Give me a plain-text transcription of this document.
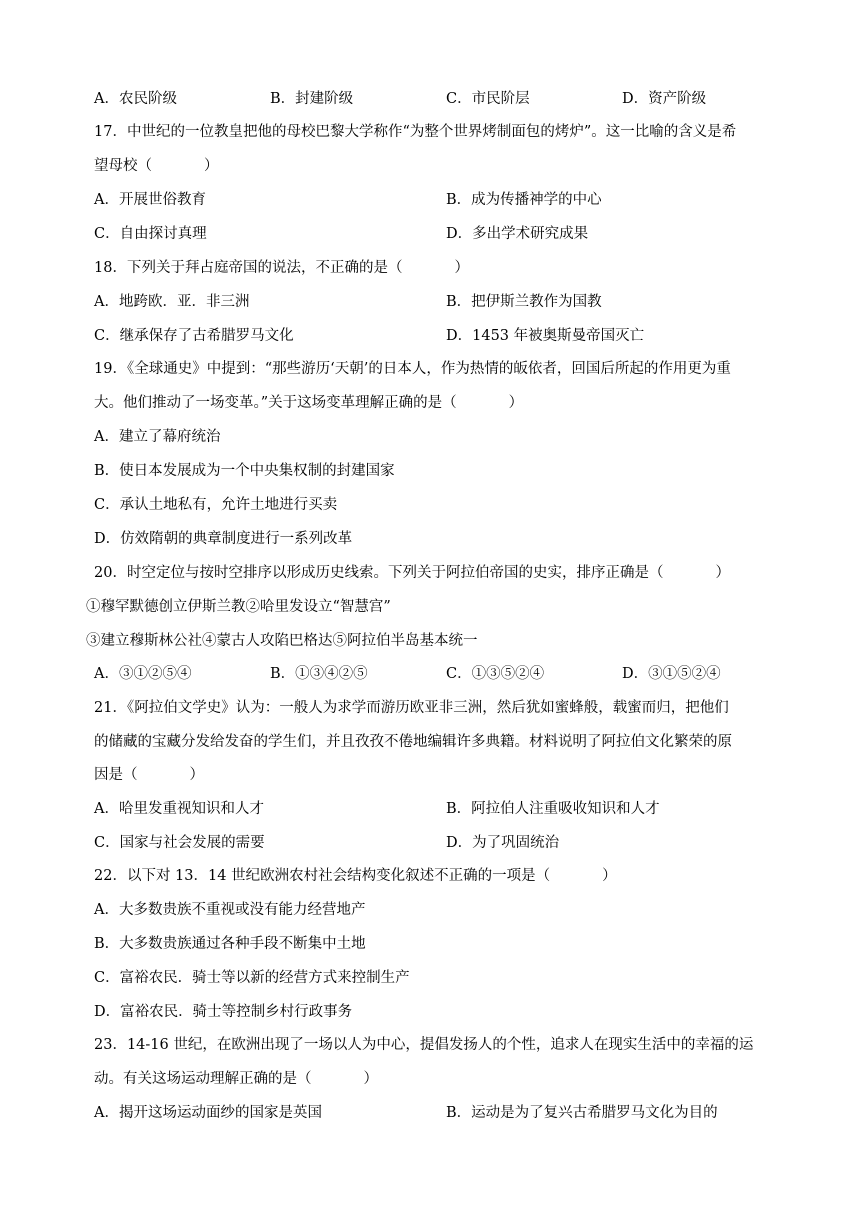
A．农民阶级	B．封建阶级	C．市民阶层	D．资产阶级
17．中世纪的一位教皇把他的母校巴黎大学称作“为整个世界烤制面包的烤炉”。这一比喻的含义是希
望母校（	）
A．开展世俗教育	B．成为传播神学的中心
C．自由探讨真理	D．多出学术研究成果
18．下列关于拜占庭帝国的说法，不正确的是（	）
A．地跨欧．亚．非三洲	B．把伊斯兰教作为国教
C．继承保存了古希腊罗马文化	D．1453 年被奥斯曼帝国灭亡
19．《全球通史》中提到：“那些游历‘天朝’的日本人，作为热情的皈依者，回国后所起的作用更为重
大。他们推动了一场变革。”关于这场变革理解正确的是（	）
A．建立了幕府统治
B．使日本发展成为一个中央集权制的封建国家
C．承认土地私有，允许土地进行买卖
D．仿效隋朝的典章制度进行一系列改革
20．时空定位与按时空排序以形成历史线索。下列关于阿拉伯帝国的史实，排序正确是（	）
①穆罕默德创立伊斯兰教②哈里发设立“智慧宫”
③建立穆斯林公社④蒙古人攻陷巴格达⑤阿拉伯半岛基本统一
A．③①②⑤④	B．①③④②⑤	C．①③⑤②④	D．③①⑤②④
21．《阿拉伯文学史》认为：一般人为求学而游历欧亚非三洲，然后犹如蜜蜂般，载蜜而归，把他们
的储藏的宝藏分发给发奋的学生们，并且孜孜不倦地编辑许多典籍。材料说明了阿拉伯文化繁荣的原
因是（	）
A．哈里发重视知识和人才	B．阿拉伯人注重吸收知识和人才
C．国家与社会发展的需要	D．为了巩固统治
22．以下对 13．14 世纪欧洲农村社会结构变化叙述不正确的一项是（	）
A．大多数贵族不重视或没有能力经营地产
B．大多数贵族通过各种手段不断集中土地
C．富裕农民．骑士等以新的经营方式来控制生产
D．富裕农民．骑士等控制乡村行政事务
23．14-16 世纪，在欧洲出现了一场以人为中心，提倡发扬人的个性，追求人在现实生活中的幸福的运
动。有关这场运动理解正确的是（	）
A．揭开这场运动面纱的国家是英国	B．运动是为了复兴古希腊罗马文化为目的
